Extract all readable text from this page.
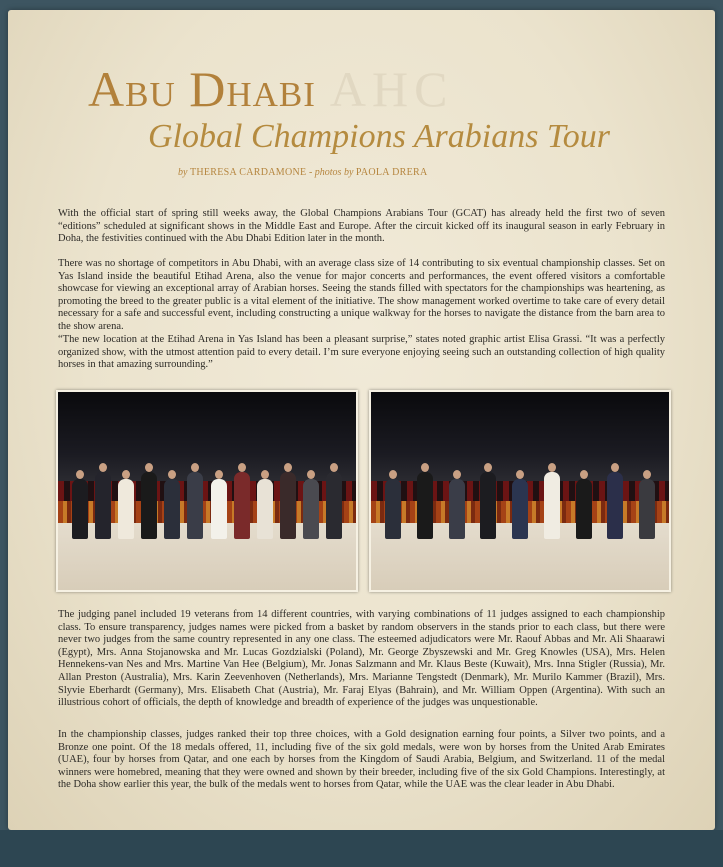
Abu Dhabi AHC
Global Champions Arabians Tour
by THERESA CARDAMONE - photos by PAOLA DRERA

With the official start of spring still weeks away, the Global Champions Arabians Tour (GCAT) has already held the first two of seven “editions” scheduled at significant shows in the Middle East and Europe. After the circuit kicked off its inaugural season in early February in Doha, the festivities continued with the Abu Dhabi Edition later in the month.

There was no shortage of competitors in Abu Dhabi, with an average class size of 14 contributing to six eventual championship classes. Set on Yas Island inside the beautiful Etihad Arena, also the venue for major concerts and performances, the event offered visitors a comfortable showcase for viewing an exceptional array of Arabian horses. Seeing the stands filled with spectators for the championships was heartening, as promoting the breed to the greater public is a vital element of the initiative. The show management worked overtime to take care of every detail necessary for a safe and successful event, including constructing a unique walkway for the horses to navigate the distance from the barn area to the show arena.

“The new location at the Etihad Arena in Yas Island has been a pleasant surprise,” states noted graphic artist Elisa Grassi. “It was a perfectly organized show, with the utmost attention paid to every detail. I’m sure everyone enjoying seeing such an outstanding collection of high quality horses in that amazing surrounding.”

The judging panel included 19 veterans from 14 different countries, with varying combinations of 11 judges assigned to each championship class. To ensure transparency, judges names were picked from a basket by random observers in the stands prior to each class, but there were never two judges from the same country represented in any one class. The esteemed adjudicators were Mr. Raouf Abbas and Mr. Ali Shaarawi (Egypt), Mrs. Anna Stojanowska and Mr. Lucas Gozdzialski (Poland), Mr. George Zbyszewski and Mr. Greg Knowles (USA), Mrs. Helen Hennekens-van Nes and Mrs. Martine Van Hee (Belgium), Mr. Jonas Salzmann and Mr. Klaus Beste (Kuwait), Mrs. Inna Stigler (Russia), Mr. Allan Preston (Australia), Mrs. Karin Zeevenhoven (Netherlands), Mrs. Marianne Tengstedt (Denmark), Mr. Murilo Kammer (Brazil), Mrs. Slyvie Eberhardt (Germany), Mrs. Elisabeth Chat (Austria), Mr. Faraj Elyas (Bahrain), and Mr. William Oppen (Argentina). With such an illustrious cohort of officials, the depth of knowledge and breadth of experience of the judges was unquestionable.

In the championship classes, judges ranked their top three choices, with a Gold designation earning four points, a Silver two points, and a Bronze one point. Of the 18 medals offered, 11, including five of the six gold medals, were won by horses from the United Arab Emirates (UAE), four by horses from Qatar, and one each by horses from the Kingdom of Saudi Arabia, Belgium, and Switzerland. 11 of the medal winners were homebred, meaning that they were owned and shown by their breeder, including five of the six Gold Champions. Interestingly, at the Doha show earlier this year, the bulk of the medals went to horses from Qatar, while the UAE was the clear leader in Abu Dhabi.
